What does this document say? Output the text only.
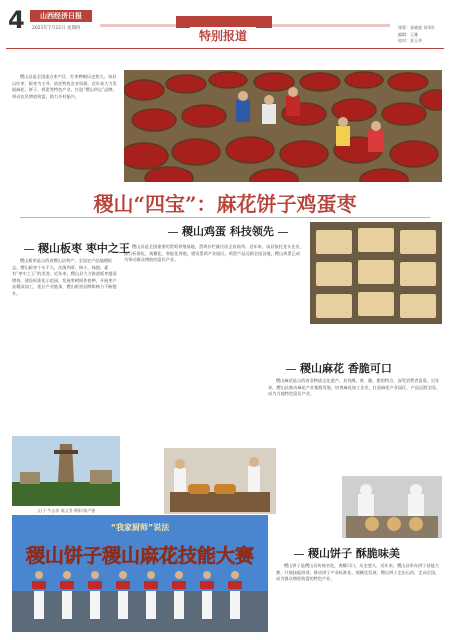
4	山西经济日报
2021年7月22日 星期四
特别报道
统筹：张晓波 刘翠红
编辑：王雅
校对：张玉华
稷山县是全国重点枣产区，红枣种植历史悠久。该县以红枣、板枣为主导，依托特色农业资源，近年来大力发展麻花、饼子、鸡蛋等特色产业，打造“稷山四宝”品牌，带动农民增收致富，助力乡村振兴。
稷山“四宝”：麻花饼子鸡蛋枣
稷山板枣 枣中之王
稷山板枣是山西省稷山县特产，全国农产品地理标志。稷山板枣个头不大，皮薄肉厚，核小，味甜，素有“枣中之王”的美誉。近年来，稷山县大力推进板枣提质增效，建设标准化示范园，发展枣树间作套种，开展枣产品精深加工，延长产业链条，稷山板枣品牌影响力不断提升。
稷山鸡蛋 科技领先
稷山县是全国重要的蛋鸡养殖基地，蛋鸡存栏量位居全省前列。近年来，该县依托龙头企业，推行标准化、规模化、智能化养殖，建设蛋鸡产业园区，鸡蛋产品远销全国各地，稷山鸡蛋已成为带动群众增收的富民产业。
文/于·牛志伟 秦文秀 摄影/秦卢德
稷山麻花 香脆可口
稷山麻花是山西省非物质文化遗产，具有酥、香、脆、甜的特点，深受消费者喜爱。近年来，稷山县推动麻花产业集群发展，培育麻花加工企业，打造麻花产业园区，产品远销全国，成为当地特色富民产业。
稷山饼子 酥脆味美
稷山饼子是稷山县传统名吃，香酥可口，历史悠久。近年来，稷山县举办饼子技能大赛，开展技能培训，推动饼子产业标准化、规模化发展，稷山饼子走出山西，走向全国，成为群众增收致富的特色产业。
“我家厨师”说法
稷山饼子稷山麻花技能大赛
